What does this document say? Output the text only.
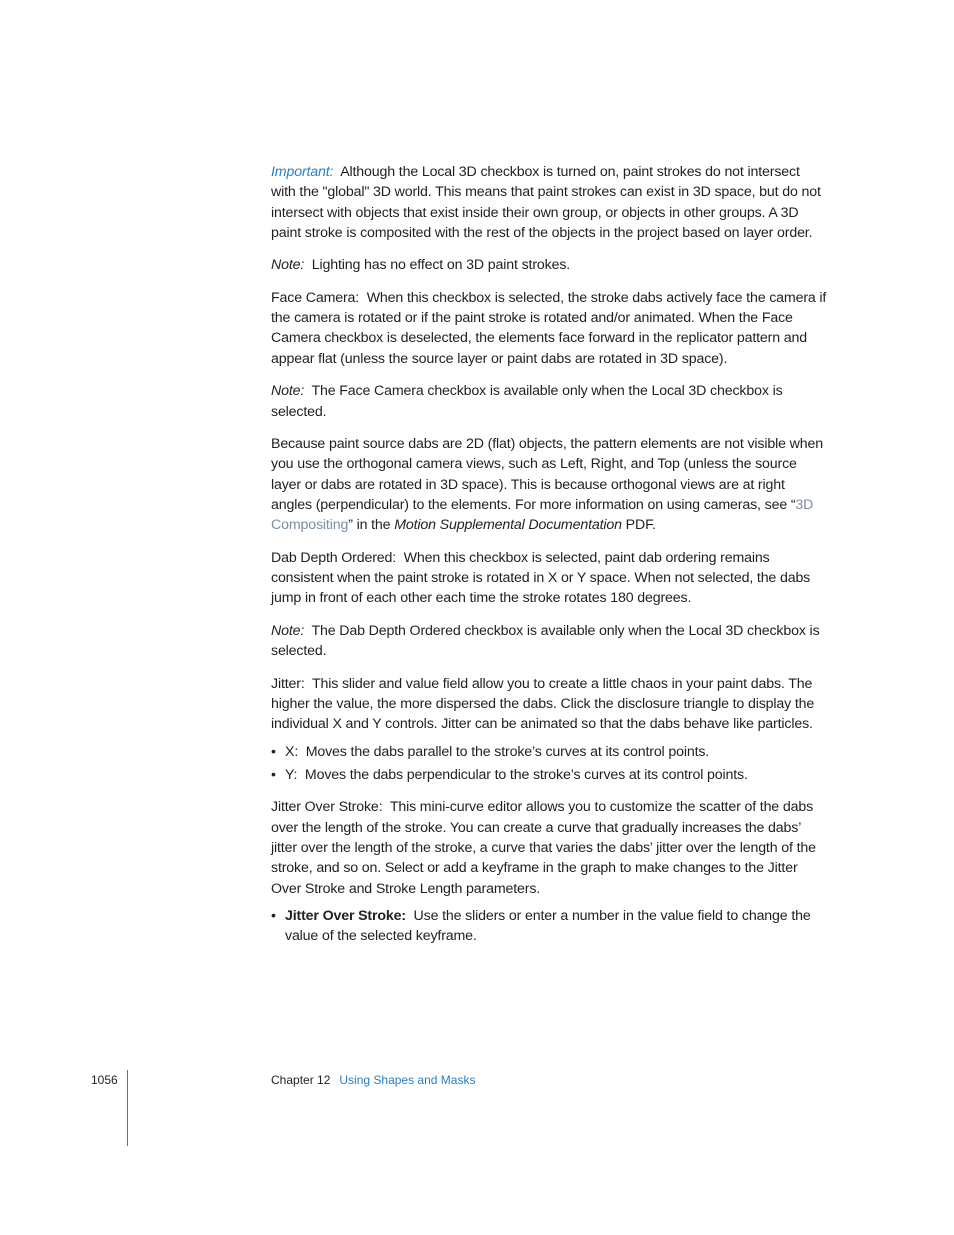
Important: Although the Local 3D checkbox is turned on, paint strokes do not intersect with the "global" 3D world. This means that paint strokes can exist in 3D space, but do not intersect with objects that exist inside their own group, or objects in other groups. A 3D paint stroke is composited with the rest of the objects in the project based on layer order.

Note: Lighting has no effect on 3D paint strokes.

Face Camera:  When this checkbox is selected, the stroke dabs actively face the camera if the camera is rotated or if the paint stroke is rotated and/or animated. When the Face Camera checkbox is deselected, the elements face forward in the replicator pattern and appear flat (unless the source layer or paint dabs are rotated in 3D space).

Note: The Face Camera checkbox is available only when the Local 3D checkbox is selected.

Because paint source dabs are 2D (flat) objects, the pattern elements are not visible when you use the orthogonal camera views, such as Left, Right, and Top (unless the source layer or dabs are rotated in 3D space). This is because orthogonal views are at right angles (perpendicular) to the elements. For more information on using cameras, see “3D Compositing” in the Motion Supplemental Documentation PDF.

Dab Depth Ordered:  When this checkbox is selected, paint dab ordering remains consistent when the paint stroke is rotated in X or Y space. When not selected, the dabs jump in front of each other each time the stroke rotates 180 degrees.

Note: The Dab Depth Ordered checkbox is available only when the Local 3D checkbox is selected.

Jitter:  This slider and value field allow you to create a little chaos in your paint dabs. The higher the value, the more dispersed the dabs. Click the disclosure triangle to display the individual X and Y controls. Jitter can be animated so that the dabs behave like particles.

• X: Moves the dabs parallel to the stroke’s curves at its control points.
• Y: Moves the dabs perpendicular to the stroke’s curves at its control points.

Jitter Over Stroke:  This mini-curve editor allows you to customize the scatter of the dabs over the length of the stroke. You can create a curve that gradually increases the dabs’ jitter over the length of the stroke, a curve that varies the dabs’ jitter over the length of the stroke, and so on. Select or add a keyframe in the graph to make changes to the Jitter Over Stroke and Stroke Length parameters.

• Jitter Over Stroke: Use the sliders or enter a number in the value field to change the value of the selected keyframe.
1056	Chapter 12 Using Shapes and Masks
